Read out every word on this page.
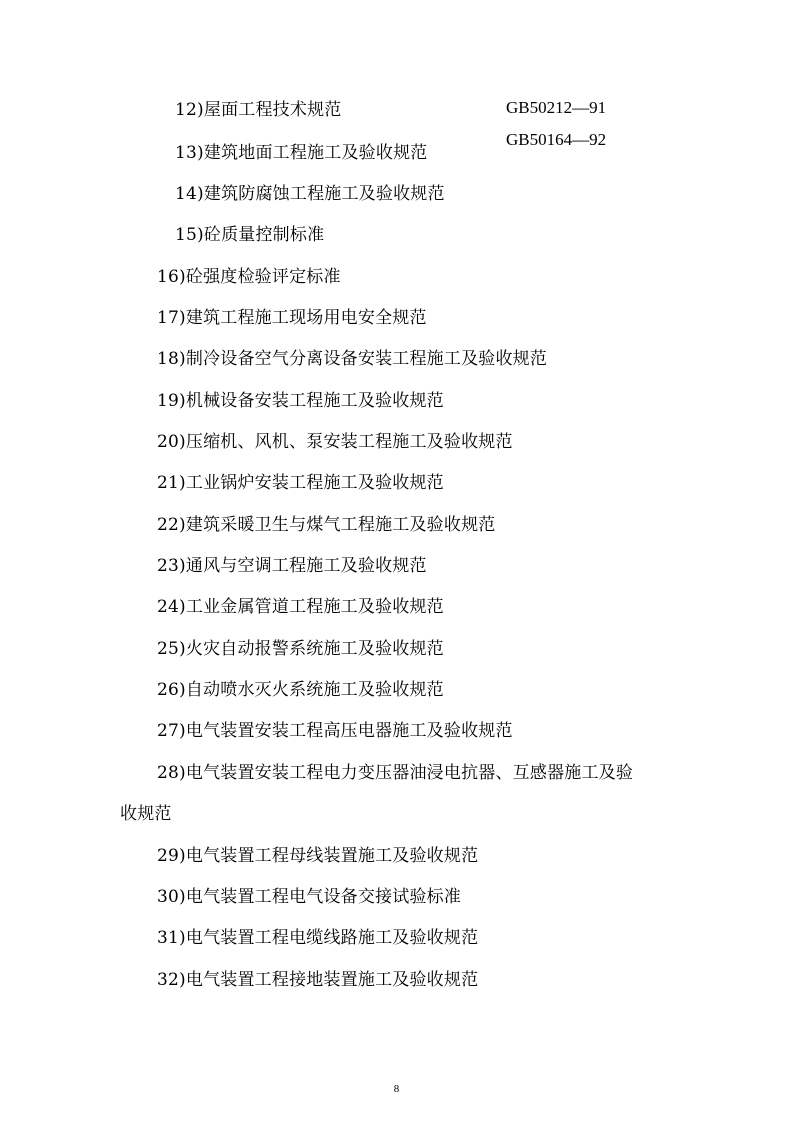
12)屋面工程技术规范	GB50212—91
GB50164—92
13)建筑地面工程施工及验收规范
14)建筑防腐蚀工程施工及验收规范
15)砼质量控制标准
16)砼强度检验评定标准
17)建筑工程施工现场用电安全规范
18)制冷设备空气分离设备安装工程施工及验收规范
19)机械设备安装工程施工及验收规范
20)压缩机、风机、泵安装工程施工及验收规范
21)工业锅炉安装工程施工及验收规范
22)建筑采暖卫生与煤气工程施工及验收规范
23)通风与空调工程施工及验收规范
24)工业金属管道工程施工及验收规范
25)火灾自动报警系统施工及验收规范
26)自动喷水灭火系统施工及验收规范
27)电气装置安装工程高压电器施工及验收规范
28)电气装置安装工程电力变压器油浸电抗器、互感器施工及验
收规范
29)电气装置工程母线装置施工及验收规范
30)电气装置工程电气设备交接试验标准
31)电气装置工程电缆线路施工及验收规范
32)电气装置工程接地装置施工及验收规范
8
